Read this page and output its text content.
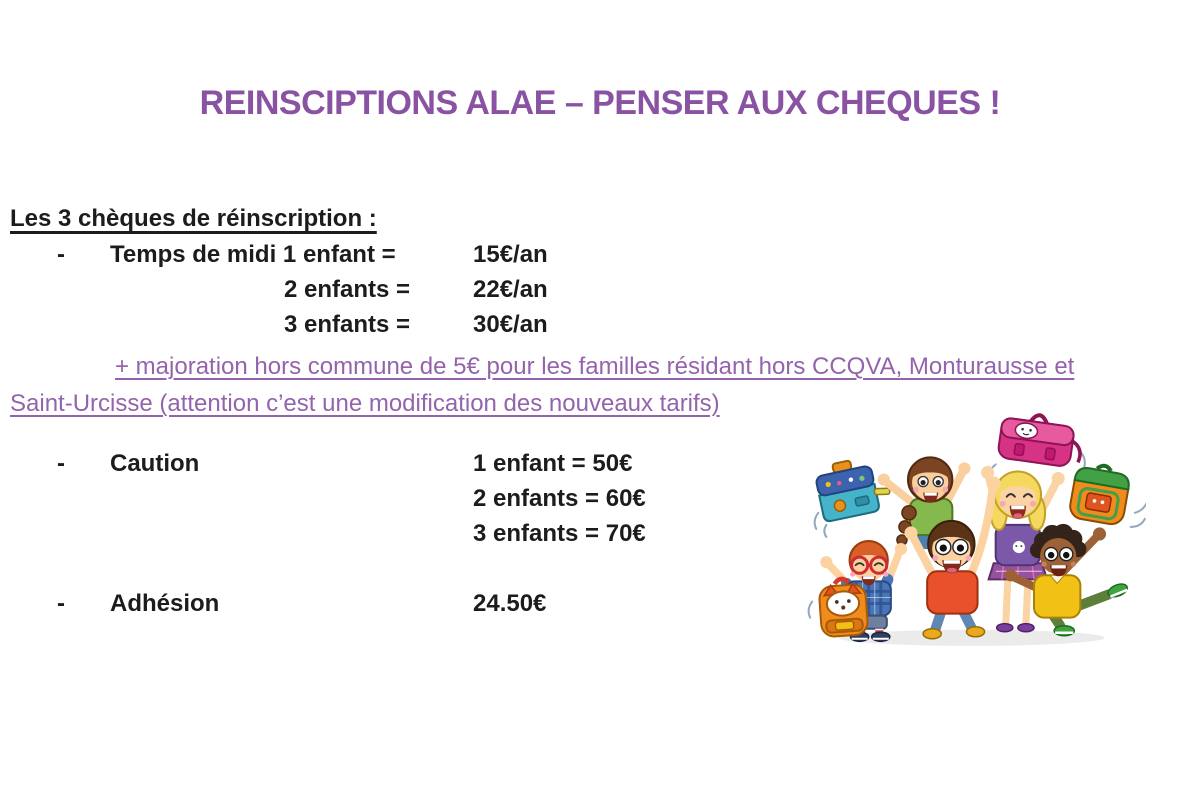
REINSCIPTIONS ALAE – PENSER AUX CHEQUES !
Les 3 chèques de réinscription :
- Temps de midi 1 enfant =	15€/an
2 enfants =	22€/an
3 enfants =	30€/an
+ majoration hors commune de 5€ pour les familles résidant hors CCQVA, Monturausse et
Saint-Urcisse (attention c’est une modification des nouveaux tarifs)
- Caution	1 enfant = 50€
2 enfants = 60€
3 enfants = 70€
- Adhésion	24.50€
